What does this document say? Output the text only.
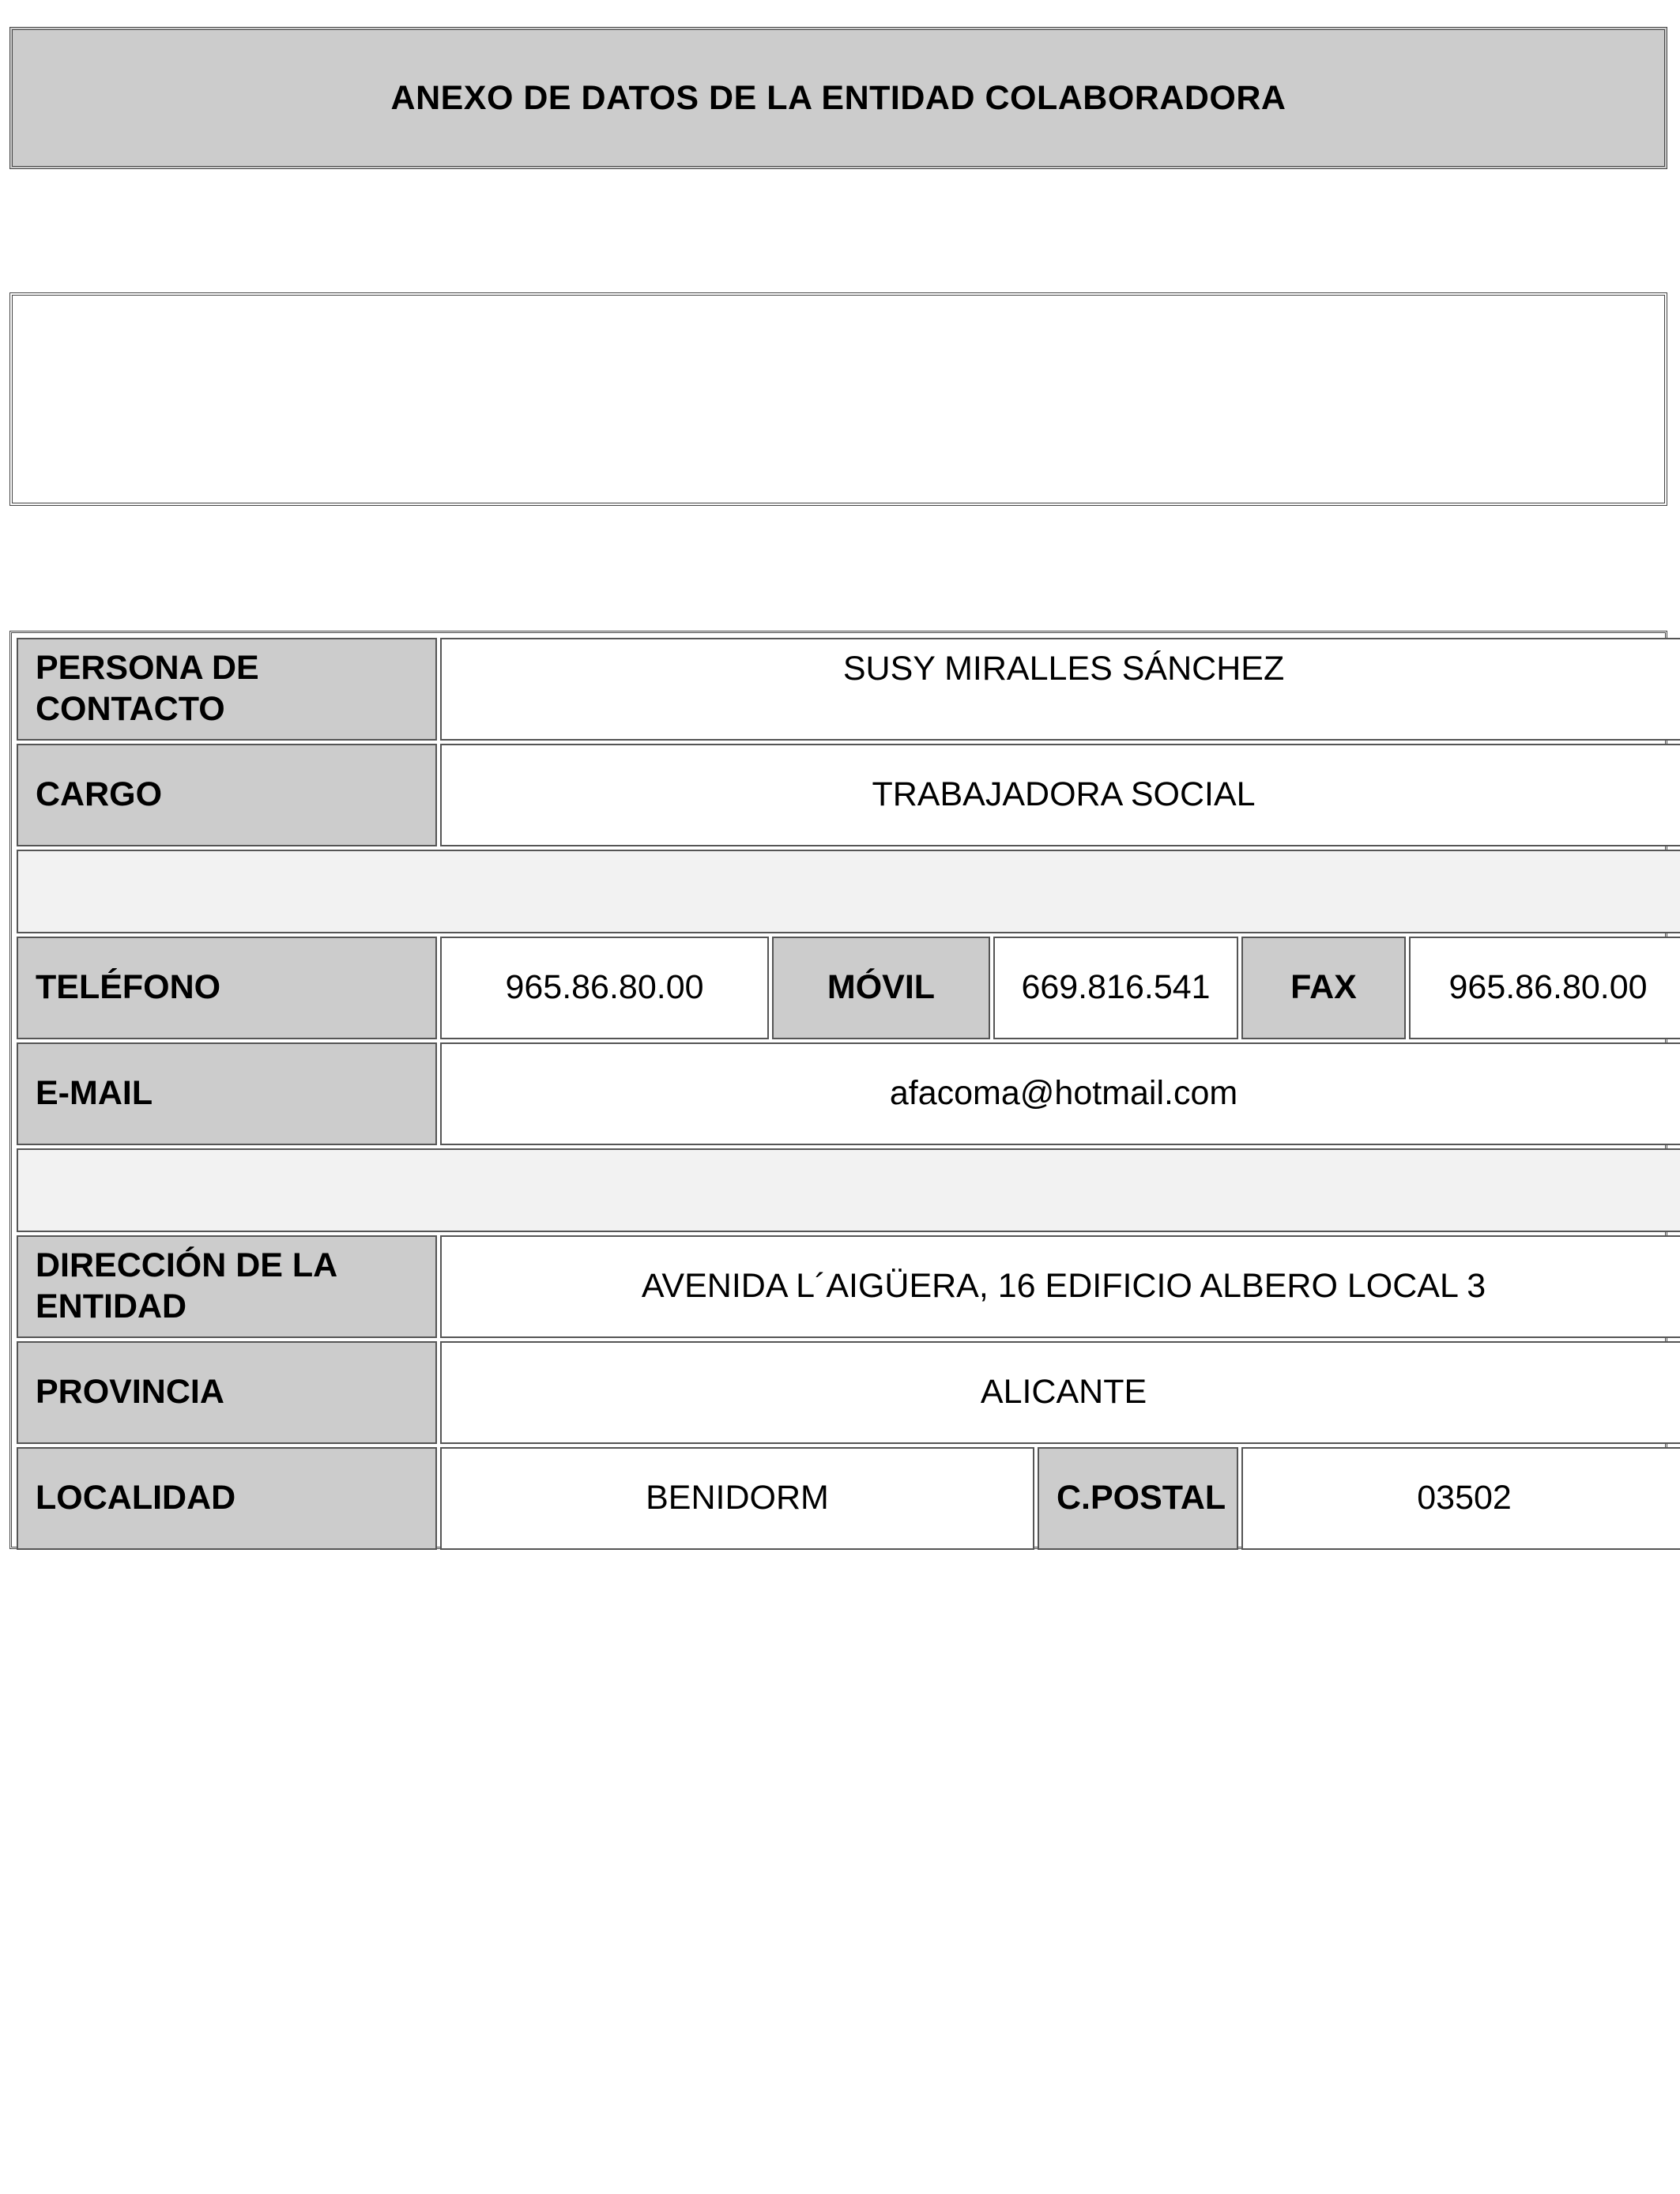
ANEXO DE DATOS DE LA ENTIDAD COLABORADORA
PERSONA DE CONTACTO	SUSY MIRALLES SÁNCHEZ					
CARGO	TRABAJADORA SOCIAL					

TELÉFONO	965.86.80.00	MÓVIL	669.816.541		FAX	965.86.80.00
E-MAIL	afacoma@hotmail.com					

DIRECCIÓN DE LA ENTIDAD	AVENIDA L´AIGÜERA, 16 EDIFICIO ALBERO LOCAL 3					
PROVINCIA	ALICANTE					
LOCALIDAD	BENIDORM			C.POSTAL	03502	
